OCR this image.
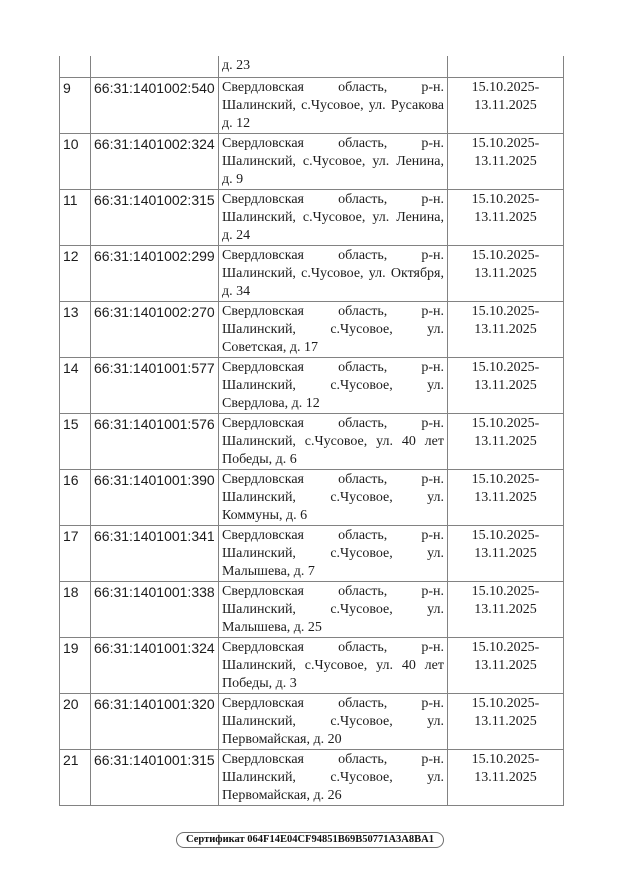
		д. 23	
9	66:31:1401002:540	Свердловская область, р-н. Шалинский, с.Чусовое, ул. Русакова д. 12	15.10.2025-13.11.2025
10	66:31:1401002:324	Свердловская область, р-н. Шалинский, с.Чусовое, ул. Ленина, д. 9	15.10.2025-13.11.2025
11	66:31:1401002:315	Свердловская область, р-н. Шалинский, с.Чусовое, ул. Ленина, д. 24	15.10.2025-13.11.2025
12	66:31:1401002:299	Свердловская область, р-н. Шалинский, с.Чусовое, ул. Октября, д. 34	15.10.2025-13.11.2025
13	66:31:1401002:270	Свердловская область, р-н. Шалинский, с.Чусовое, ул. Советская, д. 17	15.10.2025-13.11.2025
14	66:31:1401001:577	Свердловская область, р-н. Шалинский, с.Чусовое, ул. Свердлова, д. 12	15.10.2025-13.11.2025
15	66:31:1401001:576	Свердловская область, р-н. Шалинский, с.Чусовое, ул. 40 лет Победы, д. 6	15.10.2025-13.11.2025
16	66:31:1401001:390	Свердловская область, р-н. Шалинский, с.Чусовое, ул. Коммуны, д. 6	15.10.2025-13.11.2025
17	66:31:1401001:341	Свердловская область, р-н. Шалинский, с.Чусовое, ул. Малышева, д. 7	15.10.2025-13.11.2025
18	66:31:1401001:338	Свердловская область, р-н. Шалинский, с.Чусовое, ул. Малышева, д. 25	15.10.2025-13.11.2025
19	66:31:1401001:324	Свердловская область, р-н. Шалинский, с.Чусовое, ул. 40 лет Победы, д. 3	15.10.2025-13.11.2025
20	66:31:1401001:320	Свердловская область, р-н. Шалинский, с.Чусовое, ул. Первомайская, д. 20	15.10.2025-13.11.2025
21	66:31:1401001:315	Свердловская область, р-н. Шалинский, с.Чусовое, ул. Первомайская, д. 26	15.10.2025-13.11.2025
Сертификат 064F14E04CF94851B69B50771A3A8BA1
